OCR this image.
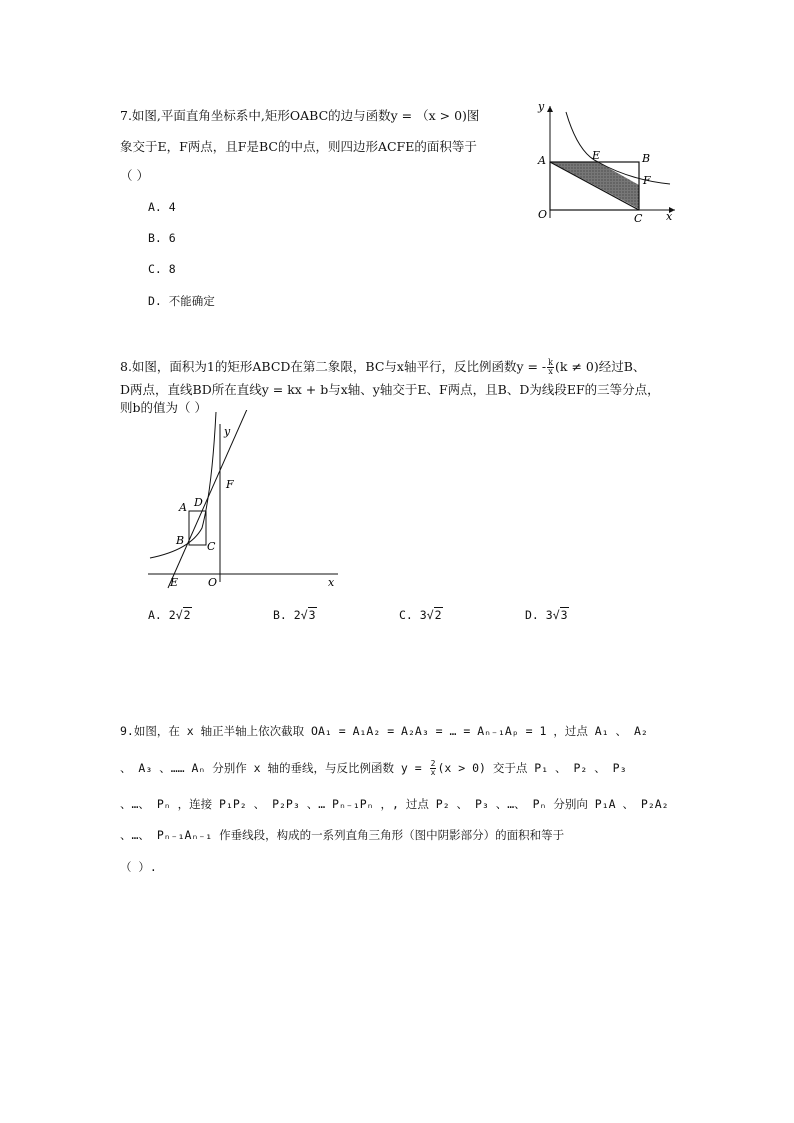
7.如图,平面直角坐标系中,矩形OABC的边与函数y = （x > 0)图
象交于E，F两点，且F是BC的中点，则四边形ACFE的面积等于
（ ）
A. 4
B. 6
C. 8
D. 不能确定
y
x
O
A	E	B
F
C
8.如图，面积为1的矩形ABCD在第二象限，BC与x轴平行，反比例函数y = - $\frac{k}{x} (k \ne 0)$经过B、
D两点，直线BD所在直线y = kx + b与x轴、y轴交于E、F两点，且B、D为线段EF的三等分点，
则b的值为（ ）
y
x
O
A D
B C
E
F
A. 2√2	B. 2√3	C. 3√2	D. 3√3
9.如图，在 x 轴正半轴上依次截取 OA₁ = A₁A₂ = A₂A₃ = … = Aₙ₋₁Aₚ = 1 ，过点 A₁ 、 A₂
、 A₃ 、…… Aₙ 分别作 x 轴的垂线，与反比例函数 $y = \frac{2}{x} (x > 0)$ 交于点 P₁ 、 P₂ 、 P₃
、…、 Pₙ ，连接 P₁P₂ 、 P₂P₃ 、… Pₙ₋₁Pₙ ，, 过点 P₂ 、 P₃ 、…、 Pₙ 分别向 P₁A 、 P₂A₂
、…、 Pₙ₋₁Aₙ₋₁ 作垂线段，构成的一系列直角三角形（图中阴影部分）的面积和等于
（ ）.
